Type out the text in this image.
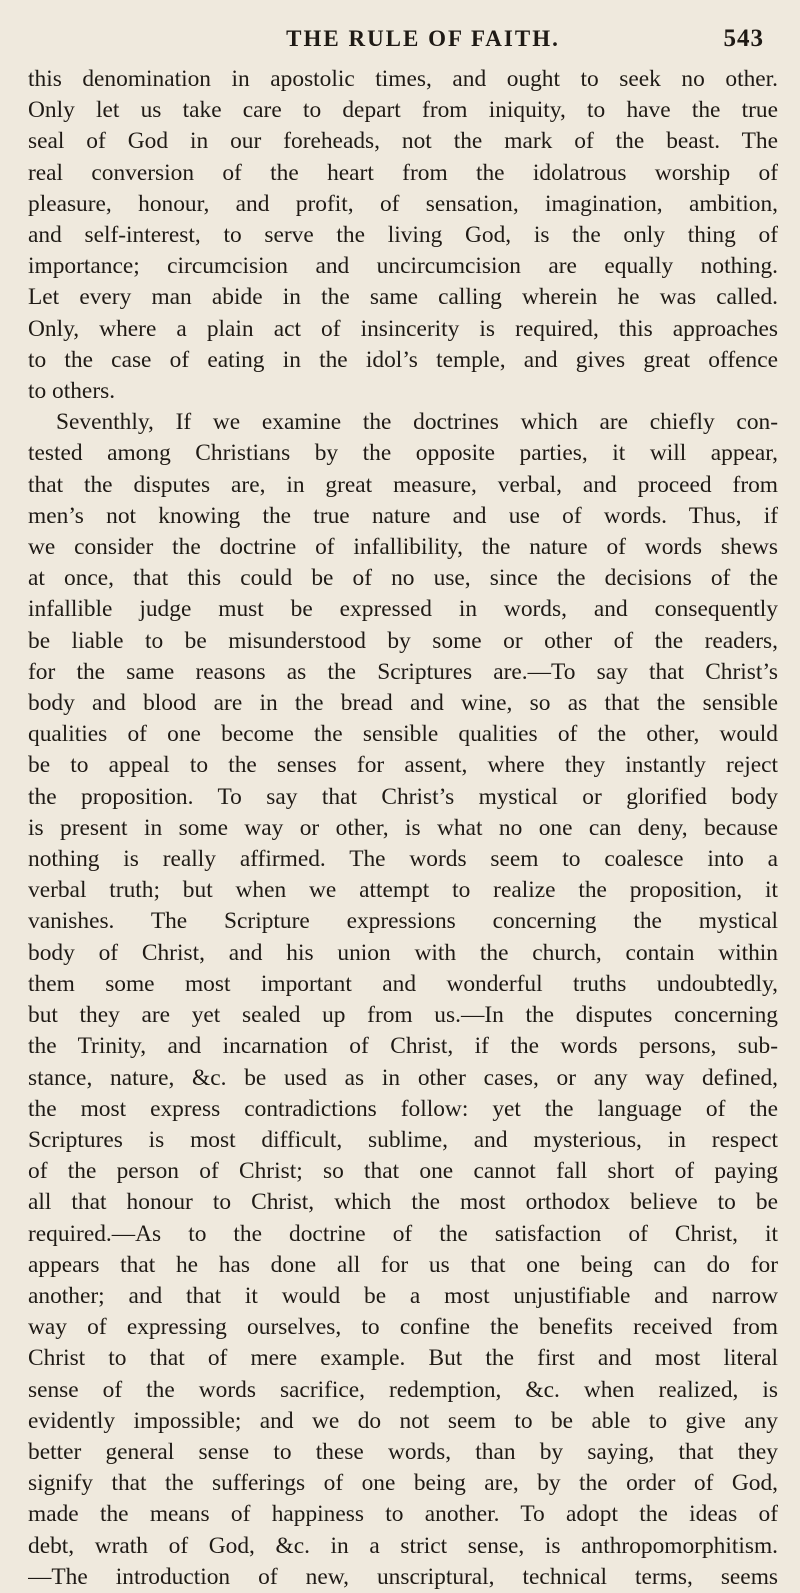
THE RULE OF FAITH.	543

this denomination in apostolic times, and ought to seek no other.
Only let us take care to depart from iniquity, to have the true
seal of God in our foreheads, not the mark of the beast. The
real conversion of the heart from the idolatrous worship of
pleasure, honour, and profit, of sensation, imagination, ambition,
and self-interest, to serve the living God, is the only thing of
importance; circumcision and uncircumcision are equally nothing.
Let every man abide in the same calling wherein he was called.
Only, where a plain act of insincerity is required, this approaches
to the case of eating in the idol’s temple, and gives great offence
to others.

Seventhly, If we examine the doctrines which are chiefly con-
tested among Christians by the opposite parties, it will appear,
that the disputes are, in great measure, verbal, and proceed from
men’s not knowing the true nature and use of words. Thus, if
we consider the doctrine of infallibility, the nature of words shews
at once, that this could be of no use, since the decisions of the
infallible judge must be expressed in words, and consequently
be liable to be misunderstood by some or other of the readers,
for the same reasons as the Scriptures are.—To say that Christ’s
body and blood are in the bread and wine, so as that the sensible
qualities of one become the sensible qualities of the other, would
be to appeal to the senses for assent, where they instantly reject
the proposition. To say that Christ’s mystical or glorified body
is present in some way or other, is what no one can deny, because
nothing is really affirmed. The words seem to coalesce into a
verbal truth; but when we attempt to realize the proposition, it
vanishes. The Scripture expressions concerning the mystical
body of Christ, and his union with the church, contain within
them some most important and wonderful truths undoubtedly,
but they are yet sealed up from us.—In the disputes concerning
the Trinity, and incarnation of Christ, if the words persons, sub-
stance, nature, &c. be used as in other cases, or any way defined,
the most express contradictions follow: yet the language of the
Scriptures is most difficult, sublime, and mysterious, in respect
of the person of Christ; so that one cannot fall short of paying
all that honour to Christ, which the most orthodox believe to be
required.—As to the doctrine of the satisfaction of Christ, it
appears that he has done all for us that one being can do for
another; and that it would be a most unjustifiable and narrow
way of expressing ourselves, to confine the benefits received from
Christ to that of mere example. But the first and most literal
sense of the words sacrifice, redemption, &c. when realized, is
evidently impossible; and we do not seem to be able to give any
better general sense to these words, than by saying, that they
signify that the sufferings of one being are, by the order of God,
made the means of happiness to another. To adopt the ideas of
debt, wrath of God, &c. in a strict sense, is anthropomorphitism.
—The introduction of new, unscriptural, technical terms, seems
